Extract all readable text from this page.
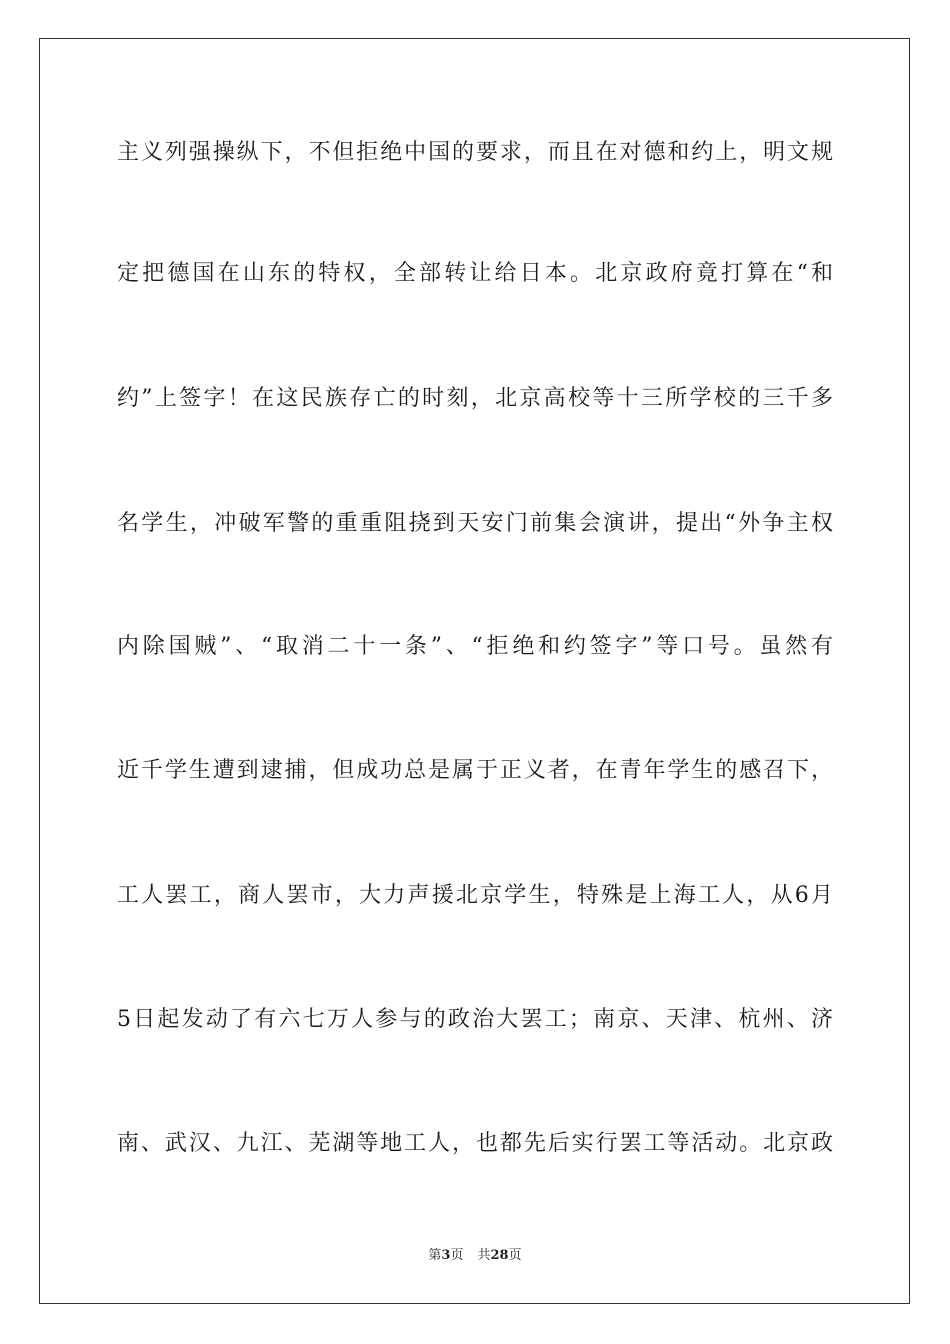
主义列强操纵下，不但拒绝中国的要求，而且在对德和约上，明文规
定把德国在山东的特权，全部转让给日本。北京政府竟打算在“和
约”上签字！在这民族存亡的时刻，北京高校等十三所学校的三千多
名学生，冲破军警的重重阻挠到天安门前集会演讲，提出“外争主权
内除国贼”、“取消二十一条”、“拒绝和约签字”等口号。虽然有
近千学生遭到逮捕，但成功总是属于正义者，在青年学生的感召下，
工人罢工，商人罢市，大力声援北京学生，特殊是上海工人，从6月
5日起发动了有六七万人参与的政治大罢工；南京、天津、杭州、济
南、武汉、九江、芜湖等地工人，也都先后实行罢工等活动。北京政
第3页 共28页
